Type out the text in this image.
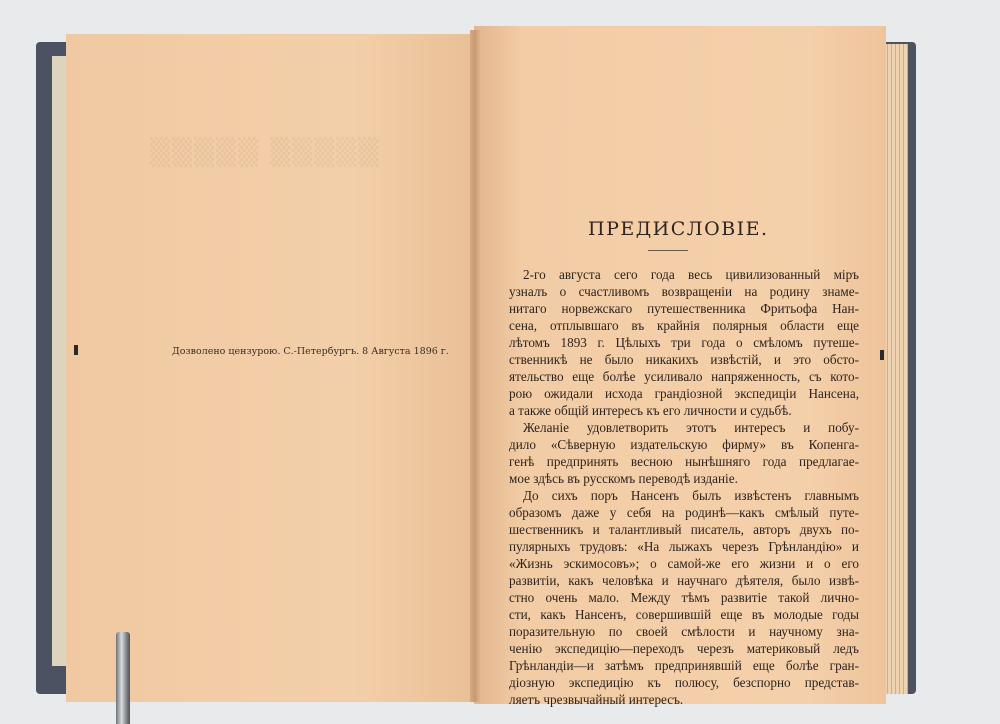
▒▒▒▒▒ ▒▒▒▒▒
Дозволено цензурою. С.-Петербургъ. 8 Августа 1896 г.
ПРЕДИСЛОВІЕ.
2-го августа сего года весь цивилизованный міръ
узналъ о счастливомъ возвращеніи на родину знаме-
нитаго норвежскаго путешественника Фритьофа Нан-
сена, отплывшаго въ крайнія полярныя области еще
лѣтомъ 1893 г. Цѣлыхъ три года о смѣломъ путеше-
ственникѣ не было никакихъ извѣстій, и это обсто-
ятельство еще болѣе усиливало напряженность, съ кото-
рою ожидали исхода грандіозной экспедиціи Нансена,
а также общій интересъ къ его личности и судьбѣ.
Желаніе удовлетворить этотъ интересъ и побу-
дило «Сѣверную издательскую фирму» въ Копенга-
генѣ предпринять весною нынѣшняго года предлагае-
мое здѣсь въ русскомъ переводѣ изданіе.
До сихъ поръ Нансенъ былъ извѣстенъ главнымъ
образомъ даже у себя на родинѣ—какъ смѣлый путе-
шественникъ и талантливый писатель, авторъ двухъ по-
пулярныхъ трудовъ: «На лыжахъ черезъ Грѣнландію» и
«Жизнь эскимосовъ»; о самой-же его жизни и о его
развитіи, какъ человѣка и научнаго дѣятеля, было извѣ-
стно очень мало. Между тѣмъ развитіе такой лично-
сти, какъ Нансенъ, совершившій еще въ молодые годы
поразительную по своей смѣлости и научному зна-
ченію экспедицію—переходъ черезъ материковый ледъ
Грѣнландіи—и затѣмъ предпринявшій еще болѣе гран-
діозную экспедицію къ полюсу, безспорно представ-
ляетъ чрезвычайный интересъ.
